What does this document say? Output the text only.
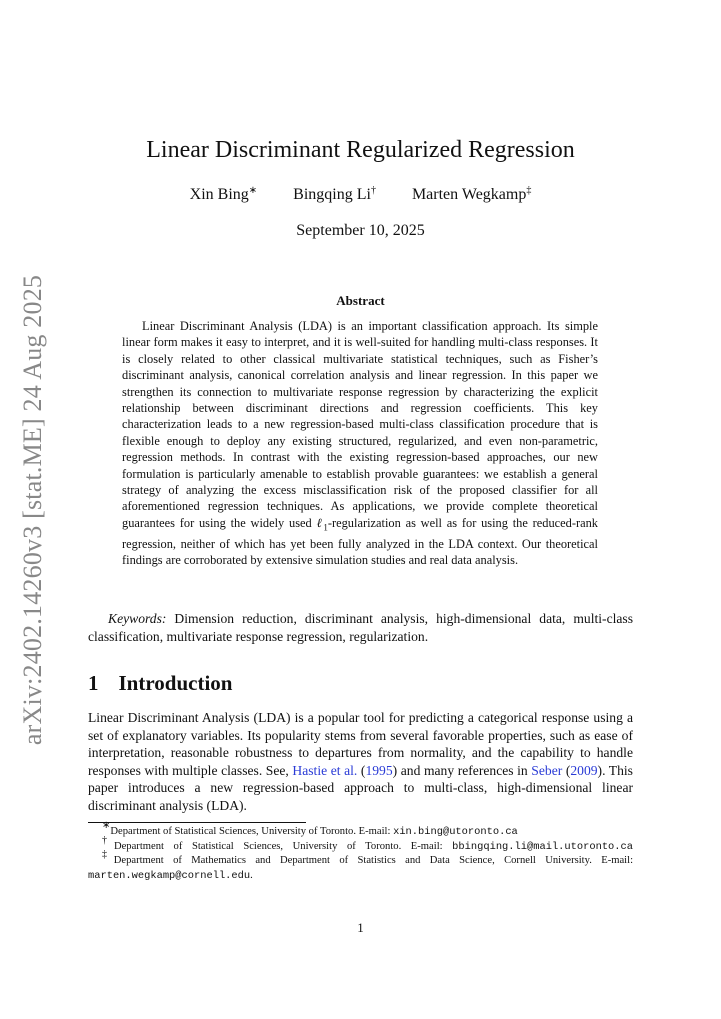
arXiv:2402.14260v3 [stat.ME] 24 Aug 2025
Linear Discriminant Regularized Regression
Xin Bing∗ Bingqing Li† Marten Wegkamp‡
September 10, 2025
Abstract
Linear Discriminant Analysis (LDA) is an important classification approach. Its simple linear form makes it easy to interpret, and it is well-suited for handling multi-class responses. It is closely related to other classical multivariate statistical techniques, such as Fisher’s discriminant analysis, canonical correlation analysis and linear regression. In this paper we strengthen its connection to multivariate response regression by characterizing the explicit relationship between discriminant directions and regression coefficients. This key characterization leads to a new regression-based multi-class classification procedure that is flexible enough to deploy any existing structured, regularized, and even non-parametric, regression methods. In contrast with the existing regression-based approaches, our new formulation is particularly amenable to establish provable guarantees: we establish a general strategy of analyzing the excess misclassification risk of the proposed classifier for all aforementioned regression techniques. As applications, we provide complete theoretical guarantees for using the widely used ℓ$_1$-regularization as well as for using the reduced-rank regression, neither of which has yet been fully analyzed in the LDA context. Our theoretical findings are corroborated by extensive simulation studies and real data analysis.
Keywords: Dimension reduction, discriminant analysis, high-dimensional data, multi-class classification, multivariate response regression, regularization.
1 Introduction
Linear Discriminant Analysis (LDA) is a popular tool for predicting a categorical response using a set of explanatory variables. Its popularity stems from several favorable properties, such as ease of interpretation, reasonable robustness to departures from normality, and the capability to handle responses with multiple classes. See, Hastie et al. (1995) and many references in Seber (2009). This paper introduces a new regression-based approach to multi-class, high-dimensional linear discriminant analysis (LDA).

∗Department of Statistical Sciences, University of Toronto. E-mail: xin.bing@utoronto.ca

†Department of Statistical Sciences, University of Toronto. E-mail: bbingqing.li@mail.utoronto.ca

‡Department of Mathematics and Department of Statistics and Data Science, Cornell University. E-mail: marten.wegkamp@cornell.edu.

1
